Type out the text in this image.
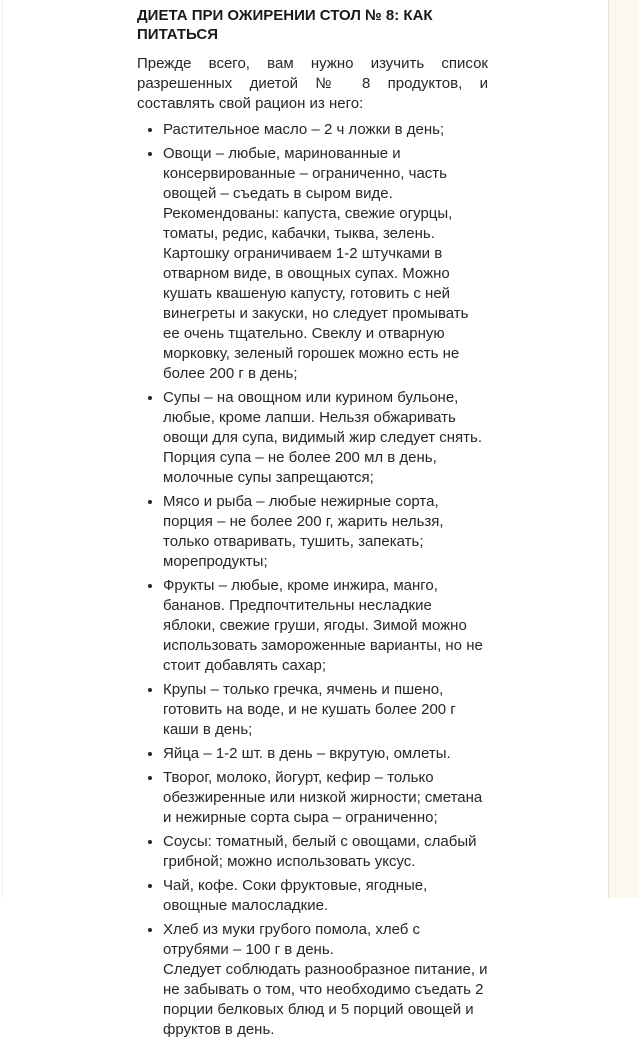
ДИЕТА ПРИ ОЖИРЕНИИ СТОЛ № 8: КАК ПИТАТЬСЯ

Прежде всего, вам нужно изучить список разрешенных диетой № 8 продуктов, и составлять свой рацион из него:

• Растительное масло – 2 ч ложки в день;
• Овощи – любые, маринованные и консервированные – ограниченно, часть овощей – съедать в сыром виде. Рекомендованы: капуста, свежие огурцы, томаты, редис, кабачки, тыква, зелень. Картошку ограничиваем 1-2 штучками в отварном виде, в овощных супах. Можно кушать квашеную капусту, готовить с ней винегреты и закуски, но следует промывать ее очень тщательно. Свеклу и отварную морковку, зеленый горошек можно есть не более 200 г в день;
• Супы – на овощном или курином бульоне, любые, кроме лапши. Нельзя обжаривать овощи для супа, видимый жир следует снять. Порция супа – не более 200 мл в день, молочные супы запрещаются;
• Мясо и рыба – любые нежирные сорта, порция – не более 200 г, жарить нельзя, только отваривать, тушить, запекать; морепродукты;
• Фрукты – любые, кроме инжира, манго, бананов. Предпочтительны несладкие яблоки, свежие груши, ягоды. Зимой можно использовать замороженные варианты, но не стоит добавлять сахар;
• Крупы – только гречка, ячмень и пшено, готовить на воде, и не кушать более 200 г каши в день;
• Яйца – 1-2 шт. в день – вкрутую, омлеты.
• Творог, молоко, йогурт, кефир – только обезжиренные или низкой жирности; сметана и нежирные сорта сыра – ограниченно;
• Соусы: томатный, белый с овощами, слабый грибной; можно использовать уксус.
• Чай, кофе. Соки фруктовые, ягодные, овощные малосладкие.
• Хлеб из муки грубого помола, хлеб с отрубями – 100 г в день.
Следует соблюдать разнообразное питание, и не забывать о том, что необходимо съедать 2 порции белковых блюд и 5 порций овощей и фруктов в день.
